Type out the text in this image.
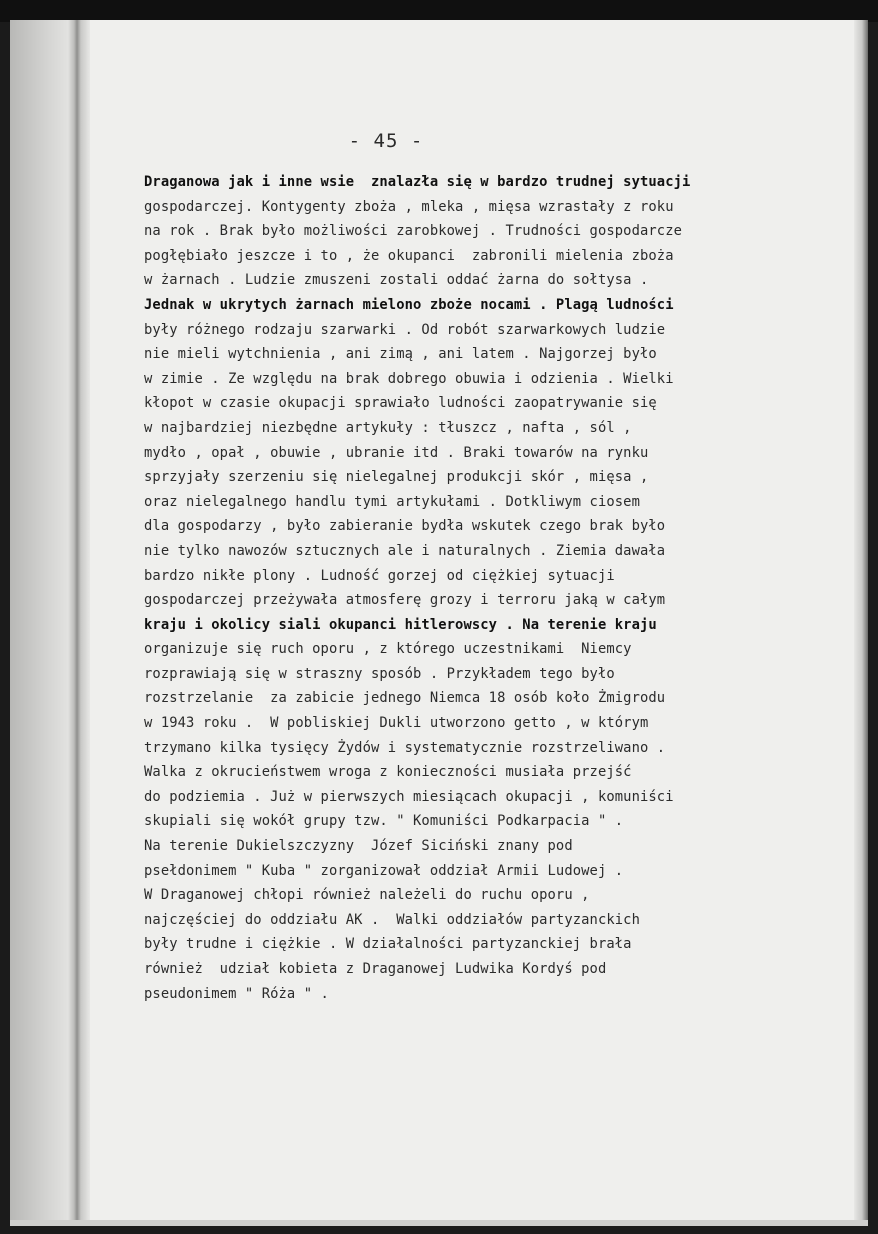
- 45 -
Draganowa jak i inne wsie  znalazła się w bardzo trudnej sytuacji
gospodarczej. Kontygenty zboża , mleka , mięsa wzrastały z roku
na rok . Brak było możliwości zarobkowej . Trudności gospodarcze
pogłębiało jeszcze i to , że okupanci  zabronili mielenia zboża
w żarnach . Ludzie zmuszeni zostali oddać żarna do sołtysa .
Jednak w ukrytych żarnach mielono zboże nocami . Plagą ludności
były różnego rodzaju szarwarki . Od robót szarwarkowych ludzie
nie mieli wytchnienia , ani zimą , ani latem . Najgorzej było
w zimie . Ze względu na brak dobrego obuwia i odzienia . Wielki
kłopot w czasie okupacji sprawiało ludności zaopatrywanie się
w najbardziej niezbędne artykuły : tłuszcz , nafta , sól ,
mydło , opał , obuwie , ubranie itd . Braki towarów na rynku
sprzyjały szerzeniu się nielegalnej produkcji skór , mięsa ,
oraz nielegalnego handlu tymi artykułami . Dotkliwym ciosem
dla gospodarzy , było zabieranie bydła wskutek czego brak było
nie tylko nawozów sztucznych ale i naturalnych . Ziemia dawała
bardzo nikłe plony . Ludność gorzej od ciężkiej sytuacji
gospodarczej przeżywała atmosferę grozy i terroru jaką w całym
kraju i okolicy siali okupanci hitlerowscy . Na terenie kraju
organizuje się ruch oporu , z którego uczestnikami  Niemcy
rozprawiają się w straszny sposób . Przykładem tego było
rozstrzelanie  za zabicie jednego Niemca 18 osób koło Żmigrodu
w 1943 roku .  W pobliskiej Dukli utworzono getto , w którym
trzymano kilka tysięcy Żydów i systematycznie rozstrzeliwano .
Walka z okrucieństwem wroga z konieczności musiała przejść
do podziemia . Już w pierwszych miesiącach okupacji , komuniści
skupiali się wokół grupy tzw. " Komuniści Podkarpacia " .
Na terenie Dukielszczyzny  Józef Siciński znany pod
psełdonimem " Kuba " zorganizował oddział Armii Ludowej .
W Draganowej chłopi również należeli do ruchu oporu ,
najczęściej do oddziału AK .  Walki oddziałów partyzanckich
były trudne i ciężkie . W działalności partyzanckiej brała
również  udział kobieta z Draganowej Ludwika Kordyś pod
pseudonimem " Róża " .
